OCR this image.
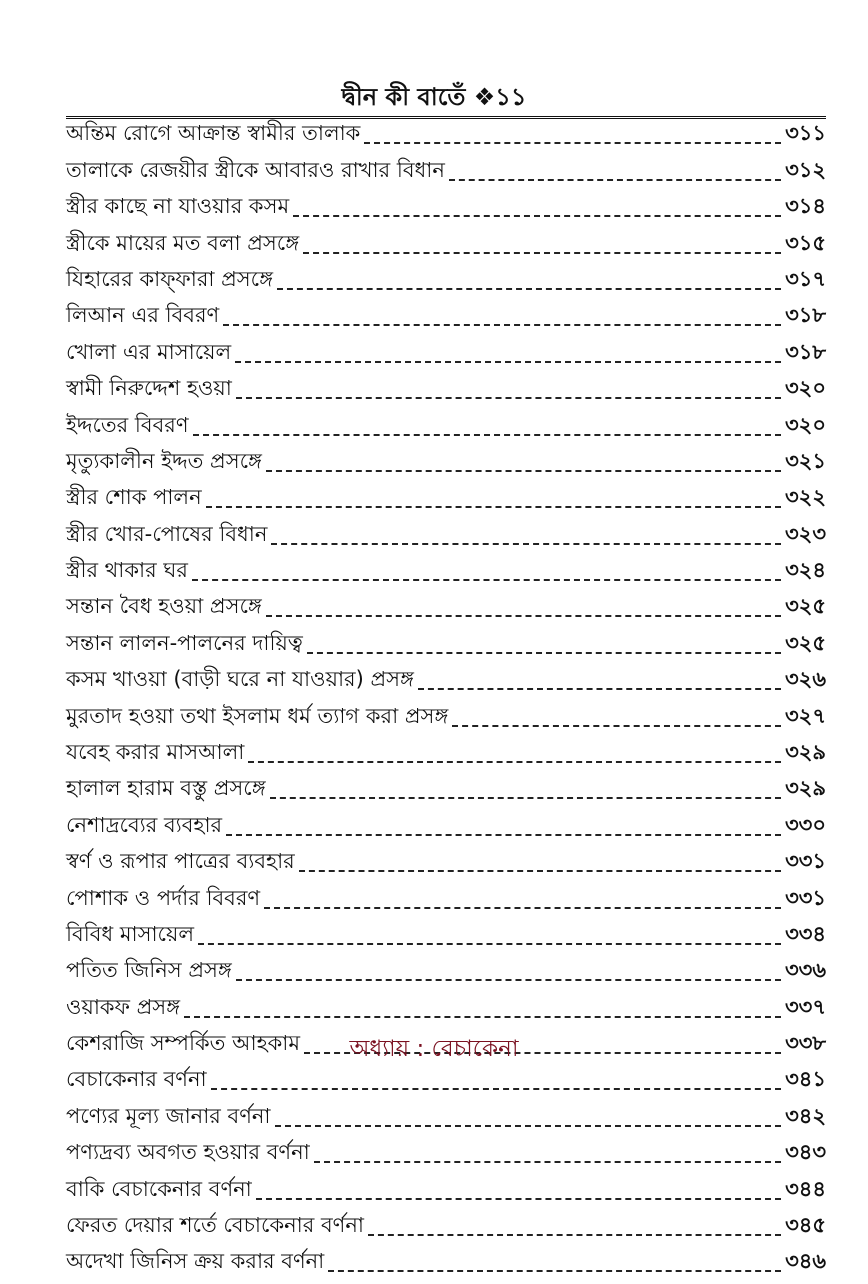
দ্বীন কী বাতেঁ ❖১১
অন্তিম রোগে আক্রান্ত স্বামীর তালাক	৩১১
তালাকে রেজয়ীর স্ত্রীকে আবারও রাখার বিধান	৩১২
স্ত্রীর কাছে না যাওয়ার কসম	৩১৪
স্ত্রীকে মায়ের মত বলা প্রসঙ্গে	৩১৫
যিহারের কাফ্ফারা প্রসঙ্গে	৩১৭
লিআন এর বিবরণ	৩১৮
খোলা এর মাসায়েল	৩১৮
স্বামী নিরুদ্দেশ হওয়া	৩২০
ইদ্দতের বিবরণ	৩২০
মৃত্যুকালীন ইদ্দত প্রসঙ্গে	৩২১
স্ত্রীর শোক পালন	৩২২
স্ত্রীর খোর-পোষের বিধান	৩২৩
স্ত্রীর থাকার ঘর	৩২৪
সন্তান বৈধ হওয়া প্রসঙ্গে	৩২৫
সন্তান লালন-পালনের দায়িত্ব	৩২৫
কসম খাওয়া (বাড়ী ঘরে না যাওয়ার) প্রসঙ্গ	৩২৬
মুরতাদ হওয়া তথা ইসলাম ধর্ম ত্যাগ করা প্রসঙ্গ	৩২৭
যবেহ করার মাসআলা	৩২৯
হালাল হারাম বস্তু প্রসঙ্গে	৩২৯
নেশাদ্রব্যের ব্যবহার	৩৩০
স্বর্ণ ও রূপার পাত্রের ব্যবহার	৩৩১
পোশাক ও পর্দার বিবরণ	৩৩১
বিবিধ মাসায়েল	৩৩৪
পতিত জিনিস প্রসঙ্গ	৩৩৬
ওয়াকফ প্রসঙ্গ	৩৩৭
কেশরাজি সম্পর্কিত আহকাম	৩৩৮
অধ্যায় : বেচাকেনা
বেচাকেনার বর্ণনা	৩৪১
পণ্যের মূল্য জানার বর্ণনা	৩৪২
পণ্যদ্রব্য অবগত হওয়ার বর্ণনা	৩৪৩
বাকি বেচাকেনার বর্ণনা	৩৪৪
ফেরত দেয়ার শর্তে বেচাকেনার বর্ণনা	৩৪৫
অদেখা জিনিস ক্রয় করার বর্ণনা	৩৪৬
